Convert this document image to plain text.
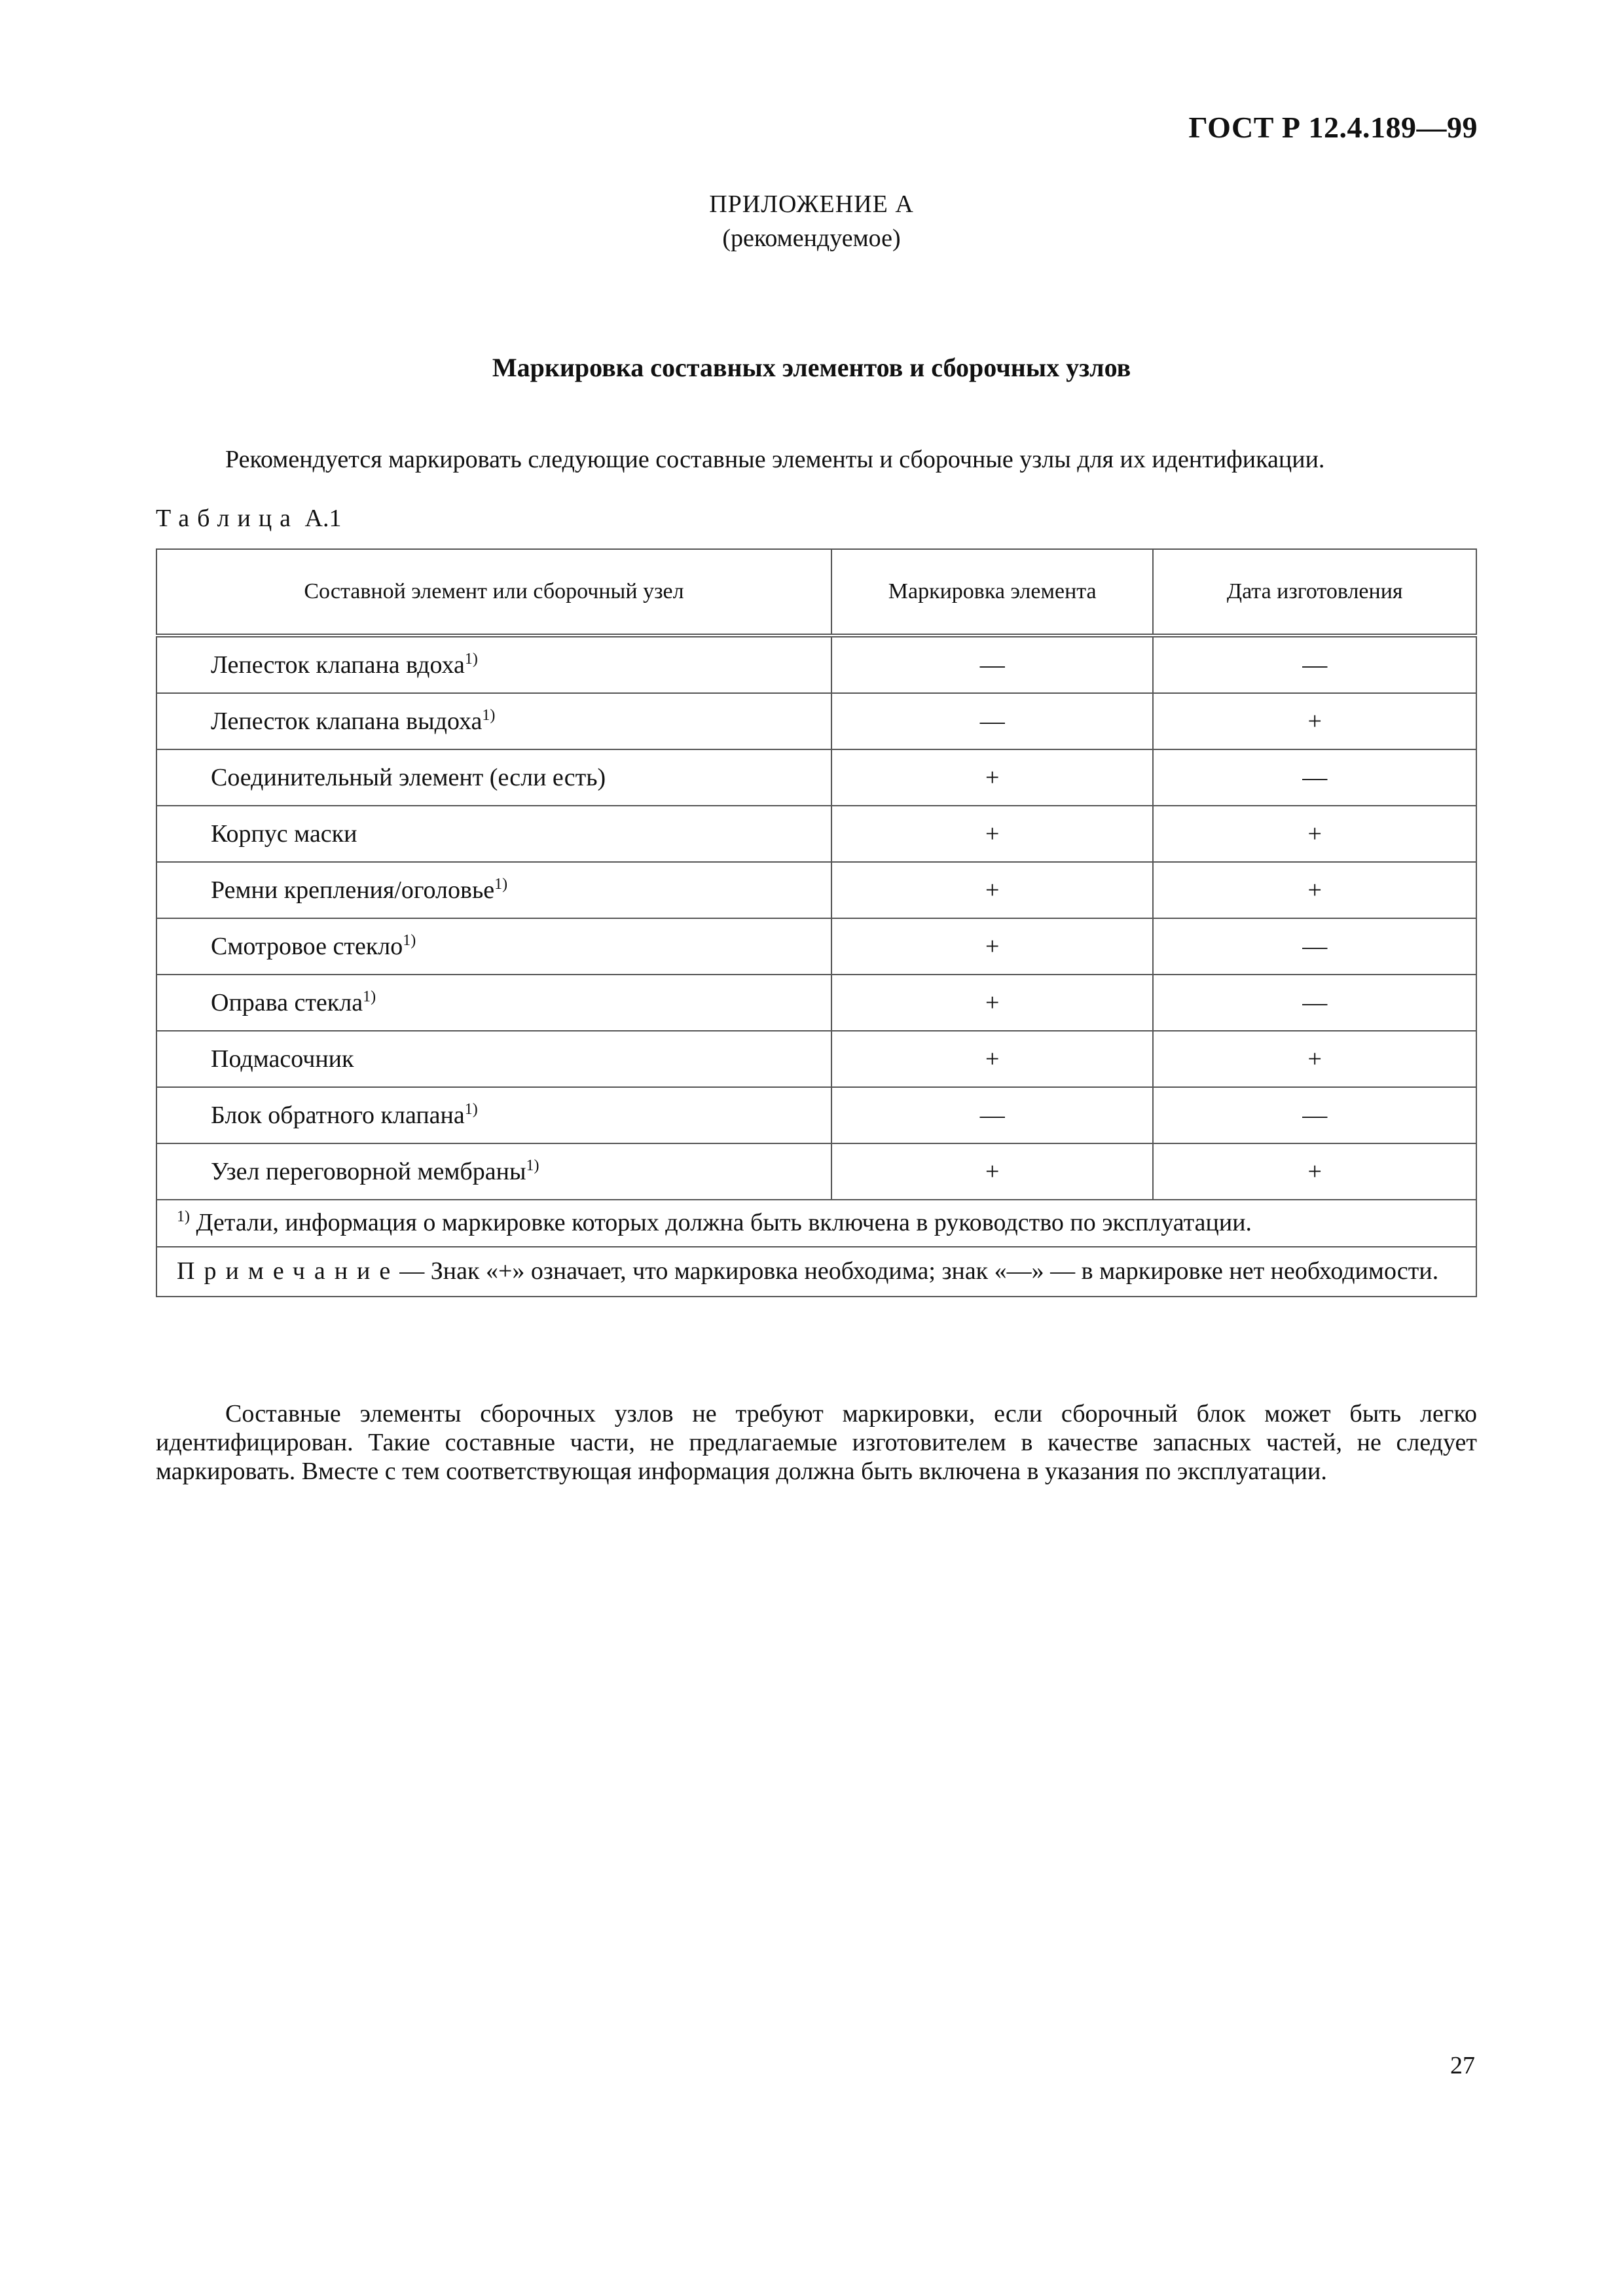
ГОСТ Р 12.4.189—99
ПРИЛОЖЕНИЕ А
(рекомендуемое)
Маркировка составных элементов и сборочных узлов
Рекомендуется маркировать следующие составные элементы и сборочные узлы для их идентификации.
Таблица А.1
Составной элемент или сборочный узел	Маркировка элемента	Дата изготовления
Лепесток клапана вдоха$^{1)}$	—	—
Лепесток клапана выдоха$^{1)}$	—	+
Соединительный элемент (если есть)	+	—
Корпус маски	+	+
Ремни крепления/оголовье$^{1)}$	+	+
Смотровое стекло$^{1)}$	+	—
Оправа стекла$^{1)}$	+	—
Подмасочник	+	+
Блок обратного клапана$^{1)}$	—	—
Узел переговорной мембраны$^{1)}$	+	+
$^{1)}$ Детали, информация о маркировке которых должна быть включена в руководство по эксплуатации.		
Примечание— Знак «+» означает, что маркировка необходима; знак «—» — в маркировке нет необходимости.		
Составные элементы сборочных узлов не требуют маркировки, если сборочный блок может быть легко идентифицирован. Такие составные части, не предлагаемые изготовителем в качестве запасных частей, не следует маркировать. Вместе с тем соответствующая информация должна быть включена в указания по эксплуатации.
27
